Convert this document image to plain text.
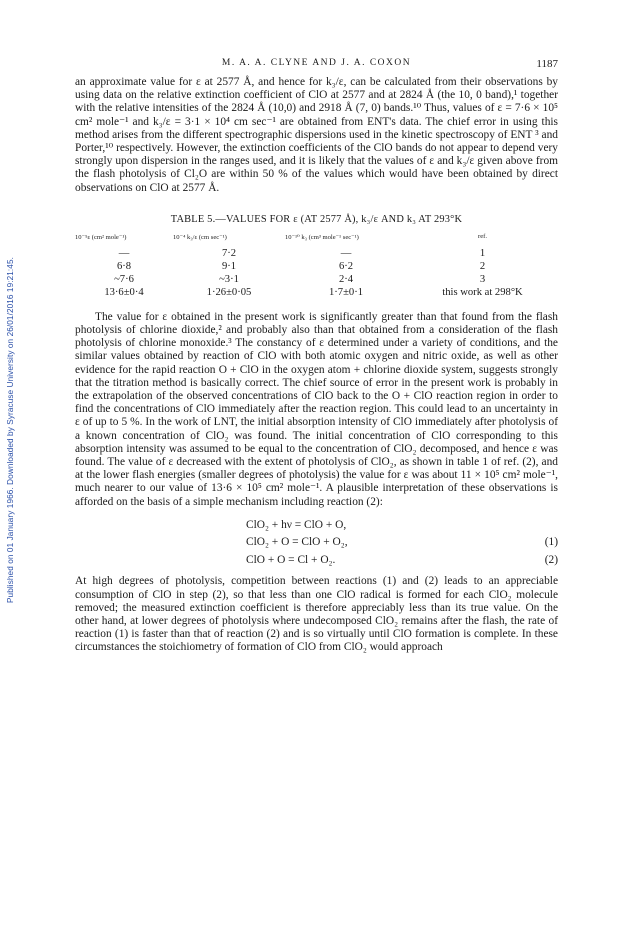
Published on 01 January 1966. Downloaded by Syracuse University on 26/01/2016 19:21:45.
M. A. A. CLYNE AND J. A. COXON	1187

an approximate value for ε at 2577 Å, and hence for k₃/ε, can be calculated from their observations by using data on the relative extinction coefficient of ClO at 2577 and at 2824 Å (the 10, 0 band),¹ together with the relative intensities of the 2824 Å (10,0) and 2918 Å (7, 0) bands.¹⁰ Thus, values of ε = 7·6 × 10⁵ cm² mole⁻¹ and k₃/ε = 3·1 × 10⁴ cm sec⁻¹ are obtained from ENT's data. The chief error in using this method arises from the different spectrographic dispersions used in the kinetic spectroscopy of ENT ³ and Porter,¹⁰ respectively. However, the extinction coefficients of the ClO bands do not appear to depend very strongly upon dispersion in the ranges used, and it is likely that the values of ε and k₃/ε given above from the flash photolysis of Cl₂O are within 50 % of the values which would have been obtained by direct observations on ClO at 2577 Å.

TABLE 5.—VALUES FOR ε (AT 2577 Å), k₃/ε AND k₃ AT 293°K
10⁻⁵ε (cm² mole⁻¹)	10⁻⁴ k₃/ε (cm sec⁻¹)	10⁻¹⁰ k₃ (cm³ mole⁻¹ sec⁻¹)	ref.
—	7·2	—	1
6·8	9·1	6·2	2
~7·6	~3·1	2·4	3
13·6±0·4	1·26±0·05	1·7±0·1	this work at 298°K

The value for ε obtained in the present work is significantly greater than that found from the flash photolysis of chlorine dioxide,² and probably also than that obtained from a consideration of the flash photolysis of chlorine monoxide.³ The constancy of ε determined under a variety of conditions, and the similar values obtained by reaction of ClO with both atomic oxygen and nitric oxide, as well as other evidence for the rapid reaction O + ClO in the oxygen atom + chlorine dioxide system, suggests strongly that the titration method is basically correct. The chief source of error in the present work is probably in the extrapolation of the observed concentrations of ClO back to the O + ClO reaction region in order to find the concentrations of ClO immediately after the reaction region. This could lead to an uncertainty in ε of up to 5 %. In the work of LNT, the initial absorption intensity of ClO immediately after photolysis of a known concentration of ClO₂ was found. The initial concentration of ClO corresponding to this absorption intensity was assumed to be equal to the concentration of ClO₂ decomposed, and hence ε was found. The value of ε decreased with the extent of photolysis of ClO₂, as shown in table 1 of ref. (2), and at the lower flash energies (smaller degrees of photolysis) the value for ε was about 11 × 10⁵ cm² mole⁻¹, much nearer to our value of 13·6 × 10⁵ cm² mole⁻¹. A plausible interpretation of these observations is afforded on the basis of a simple mechanism including reaction (2):

ClO₂ + hν = ClO + O,
ClO₂ + O = ClO + O₂,	(1)
ClO + O = Cl + O₂.	(2)

At high degrees of photolysis, competition between reactions (1) and (2) leads to an appreciable consumption of ClO in step (2), so that less than one ClO radical is formed for each ClO₂ molecule removed; the measured extinction coefficient is therefore appreciably less than its true value. On the other hand, at lower degrees of photolysis where undecomposed ClO₂ remains after the flash, the rate of reaction (1) is faster than that of reaction (2) and is so virtually until ClO formation is complete. In these circumstances the stoichiometry of formation of ClO from ClO₂ would approach
